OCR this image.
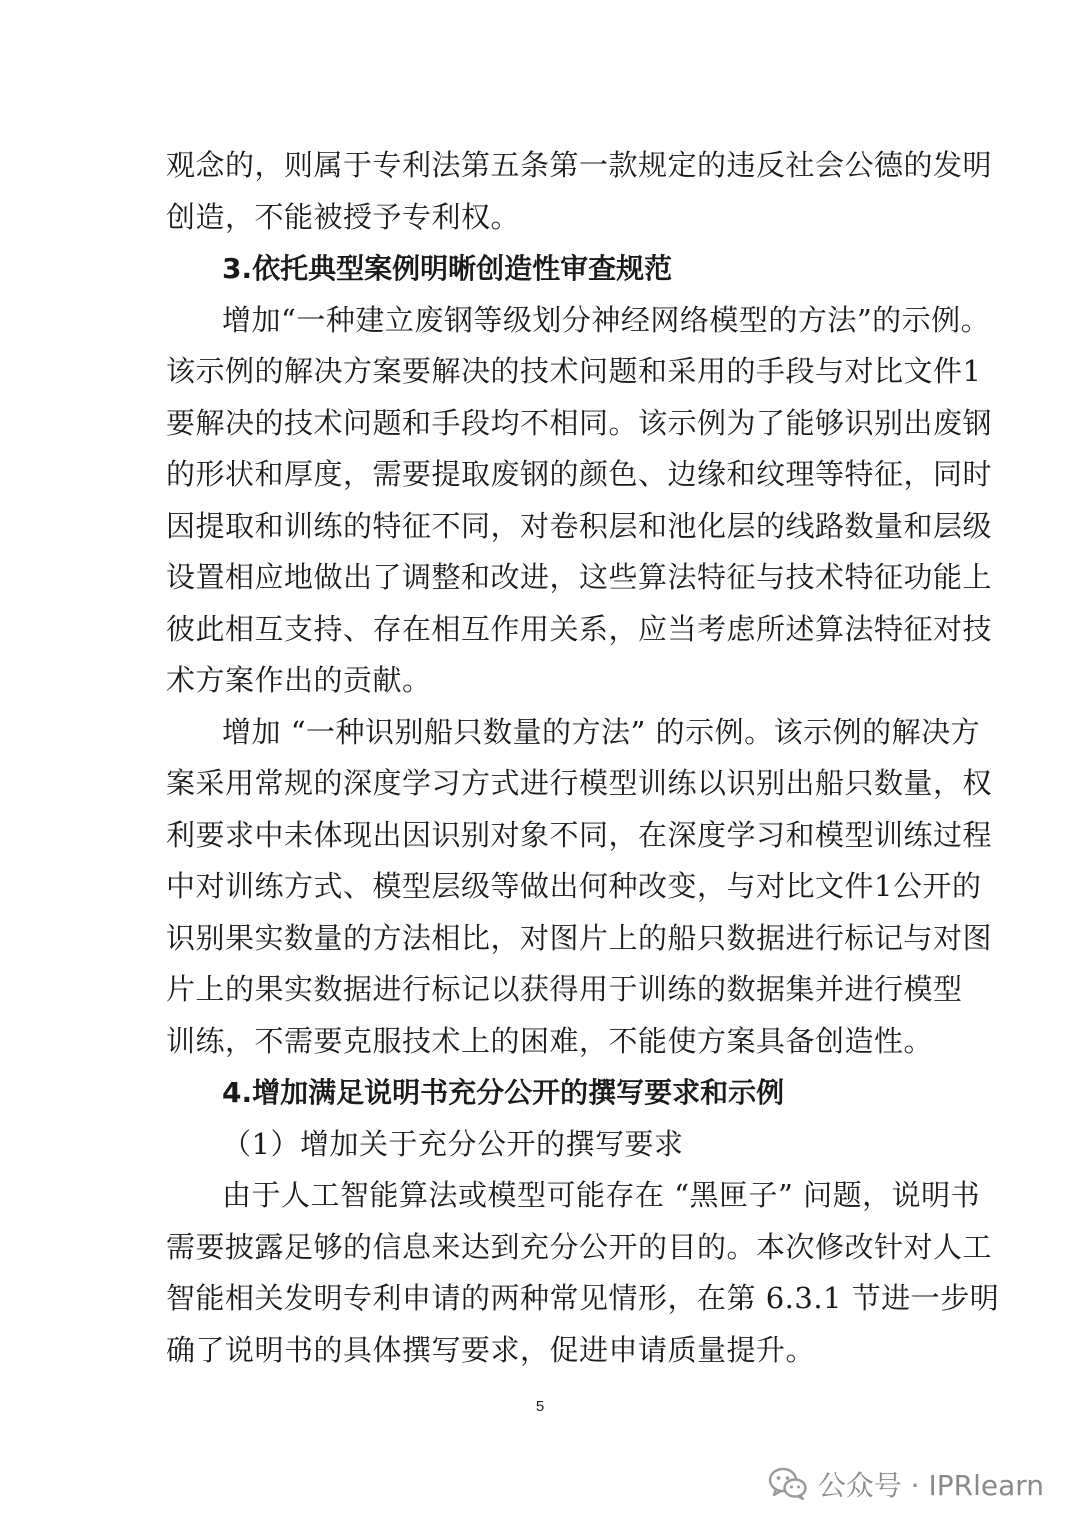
观念的，则属于专利法第五条第一款规定的违反社会公德的发明
创造，不能被授予专利权。
3.依托典型案例明晰创造性审查规范
增加“一种建立废钢等级划分神经网络模型的方法”的示例。
该示例的解决方案要解决的技术问题和采用的手段与对比文件1
要解决的技术问题和手段均不相同。该示例为了能够识别出废钢
的形状和厚度，需要提取废钢的颜色、边缘和纹理等特征，同时
因提取和训练的特征不同，对卷积层和池化层的线路数量和层级
设置相应地做出了调整和改进，这些算法特征与技术特征功能上
彼此相互支持、存在相互作用关系，应当考虑所述算法特征对技
术方案作出的贡献。
增加 “一种识别船只数量的方法” 的示例。该示例的解决方
案采用常规的深度学习方式进行模型训练以识别出船只数量，权
利要求中未体现出因识别对象不同，在深度学习和模型训练过程
中对训练方式、模型层级等做出何种改变，与对比文件1公开的
识别果实数量的方法相比，对图片上的船只数据进行标记与对图
片上的果实数据进行标记以获得用于训练的数据集并进行模型
训练，不需要克服技术上的困难，不能使方案具备创造性。
4.增加满足说明书充分公开的撰写要求和示例
（1）增加关于充分公开的撰写要求
由于人工智能算法或模型可能存在 “黑匣子” 问题，说明书
需要披露足够的信息来达到充分公开的目的。本次修改针对人工
智能相关发明专利申请的两种常见情形，在第 6.3.1 节进一步明
确了说明书的具体撰写要求，促进申请质量提升。
5
公众号 · IPRlearn
